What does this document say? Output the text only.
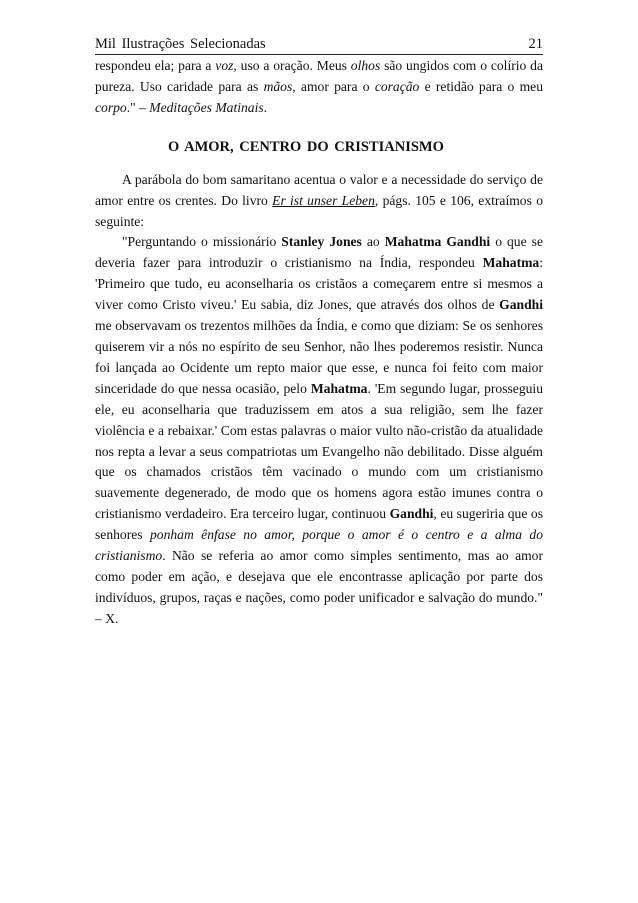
Mil Ilustrações Selecionadas	21

respondeu ela; para a voz, uso a oração. Meus olhos são ungidos com o colírio da pureza. Uso caridade para as mãos, amor para o coração e retidão para o meu corpo." – Meditações Matinais.

O AMOR, CENTRO DO CRISTIANISMO

A parábola do bom samaritano acentua o valor e a necessidade do serviço de amor entre os crentes. Do livro Er ist unser Leben, págs. 105 e 106, extraímos o seguinte:

"Perguntando o missionário Stanley Jones ao Mahatma Gandhi o que se deveria fazer para introduzir o cristianismo na Índia, respondeu Mahatma: 'Primeiro que tudo, eu aconselharia os cristãos a começarem entre si mesmos a viver como Cristo viveu.' Eu sabia, diz Jones, que através dos olhos de Gandhi me observavam os trezentos milhões da Índia, e como que diziam: Se os senhores quiserem vir a nós no espírito de seu Senhor, não lhes poderemos resistir. Nunca foi lançada ao Ocidente um repto maior que esse, e nunca foi feito com maior sinceridade do que nessa ocasião, pelo Mahatma. 'Em segundo lugar, prosseguiu ele, eu aconselharia que traduzissem em atos a sua religião, sem lhe fazer violência e a rebaixar.' Com estas palavras o maior vulto não-cristão da atualidade nos repta a levar a seus compatriotas um Evangelho não debilitado. Disse alguém que os chamados cristãos têm vacinado o mundo com um cristianismo suavemente degenerado, de modo que os homens agora estão imunes contra o cristianismo verdadeiro. Era terceiro lugar, continuou Gandhi, eu sugeriria que os senhores ponham ênfase no amor, porque o amor é o centro e a alma do cristianismo. Não se referia ao amor como simples sentimento, mas ao amor como poder em ação, e desejava que ele encontrasse aplicação por parte dos indivíduos, grupos, raças e nações, como poder unificador e salvação do mundo." – X.
